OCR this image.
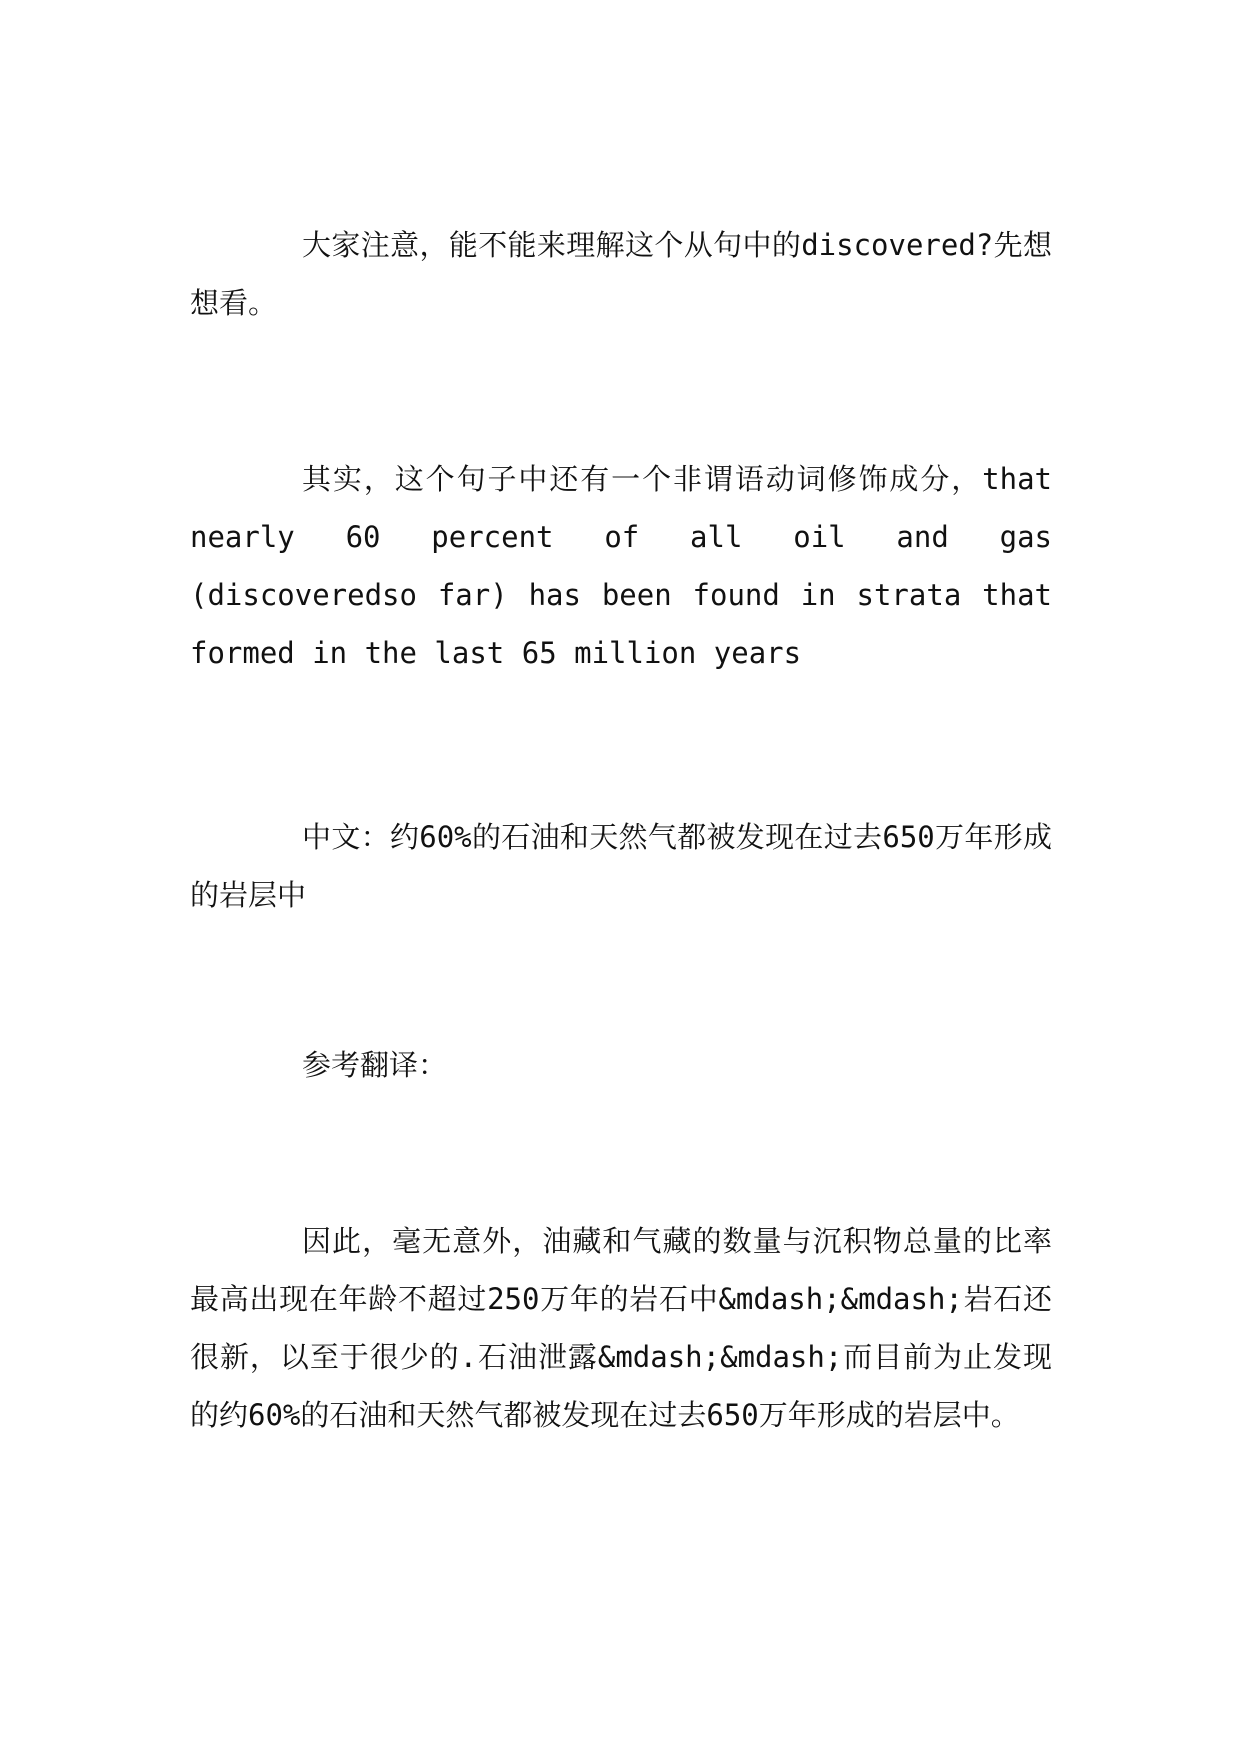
大家注意，能不能来理解这个从句中的discovered?先想想看。

其实，这个句子中还有一个非谓语动词修饰成分，that nearly 60 percent of all oil and gas (discoveredso far) has been found in strata that formed in the last 65 million years

中文：约60%的石油和天然气都被发现在过去650万年形成的岩层中

参考翻译：

因此，毫无意外，油藏和气藏的数量与沉积物总量的比率最高出现在年龄不超过250万年的岩石中&mdash;&mdash;岩石还很新，以至于很少的.石油泄露&mdash;&mdash;而目前为止发现的约60%的石油和天然气都被发现在过去650万年形成的岩层中。
